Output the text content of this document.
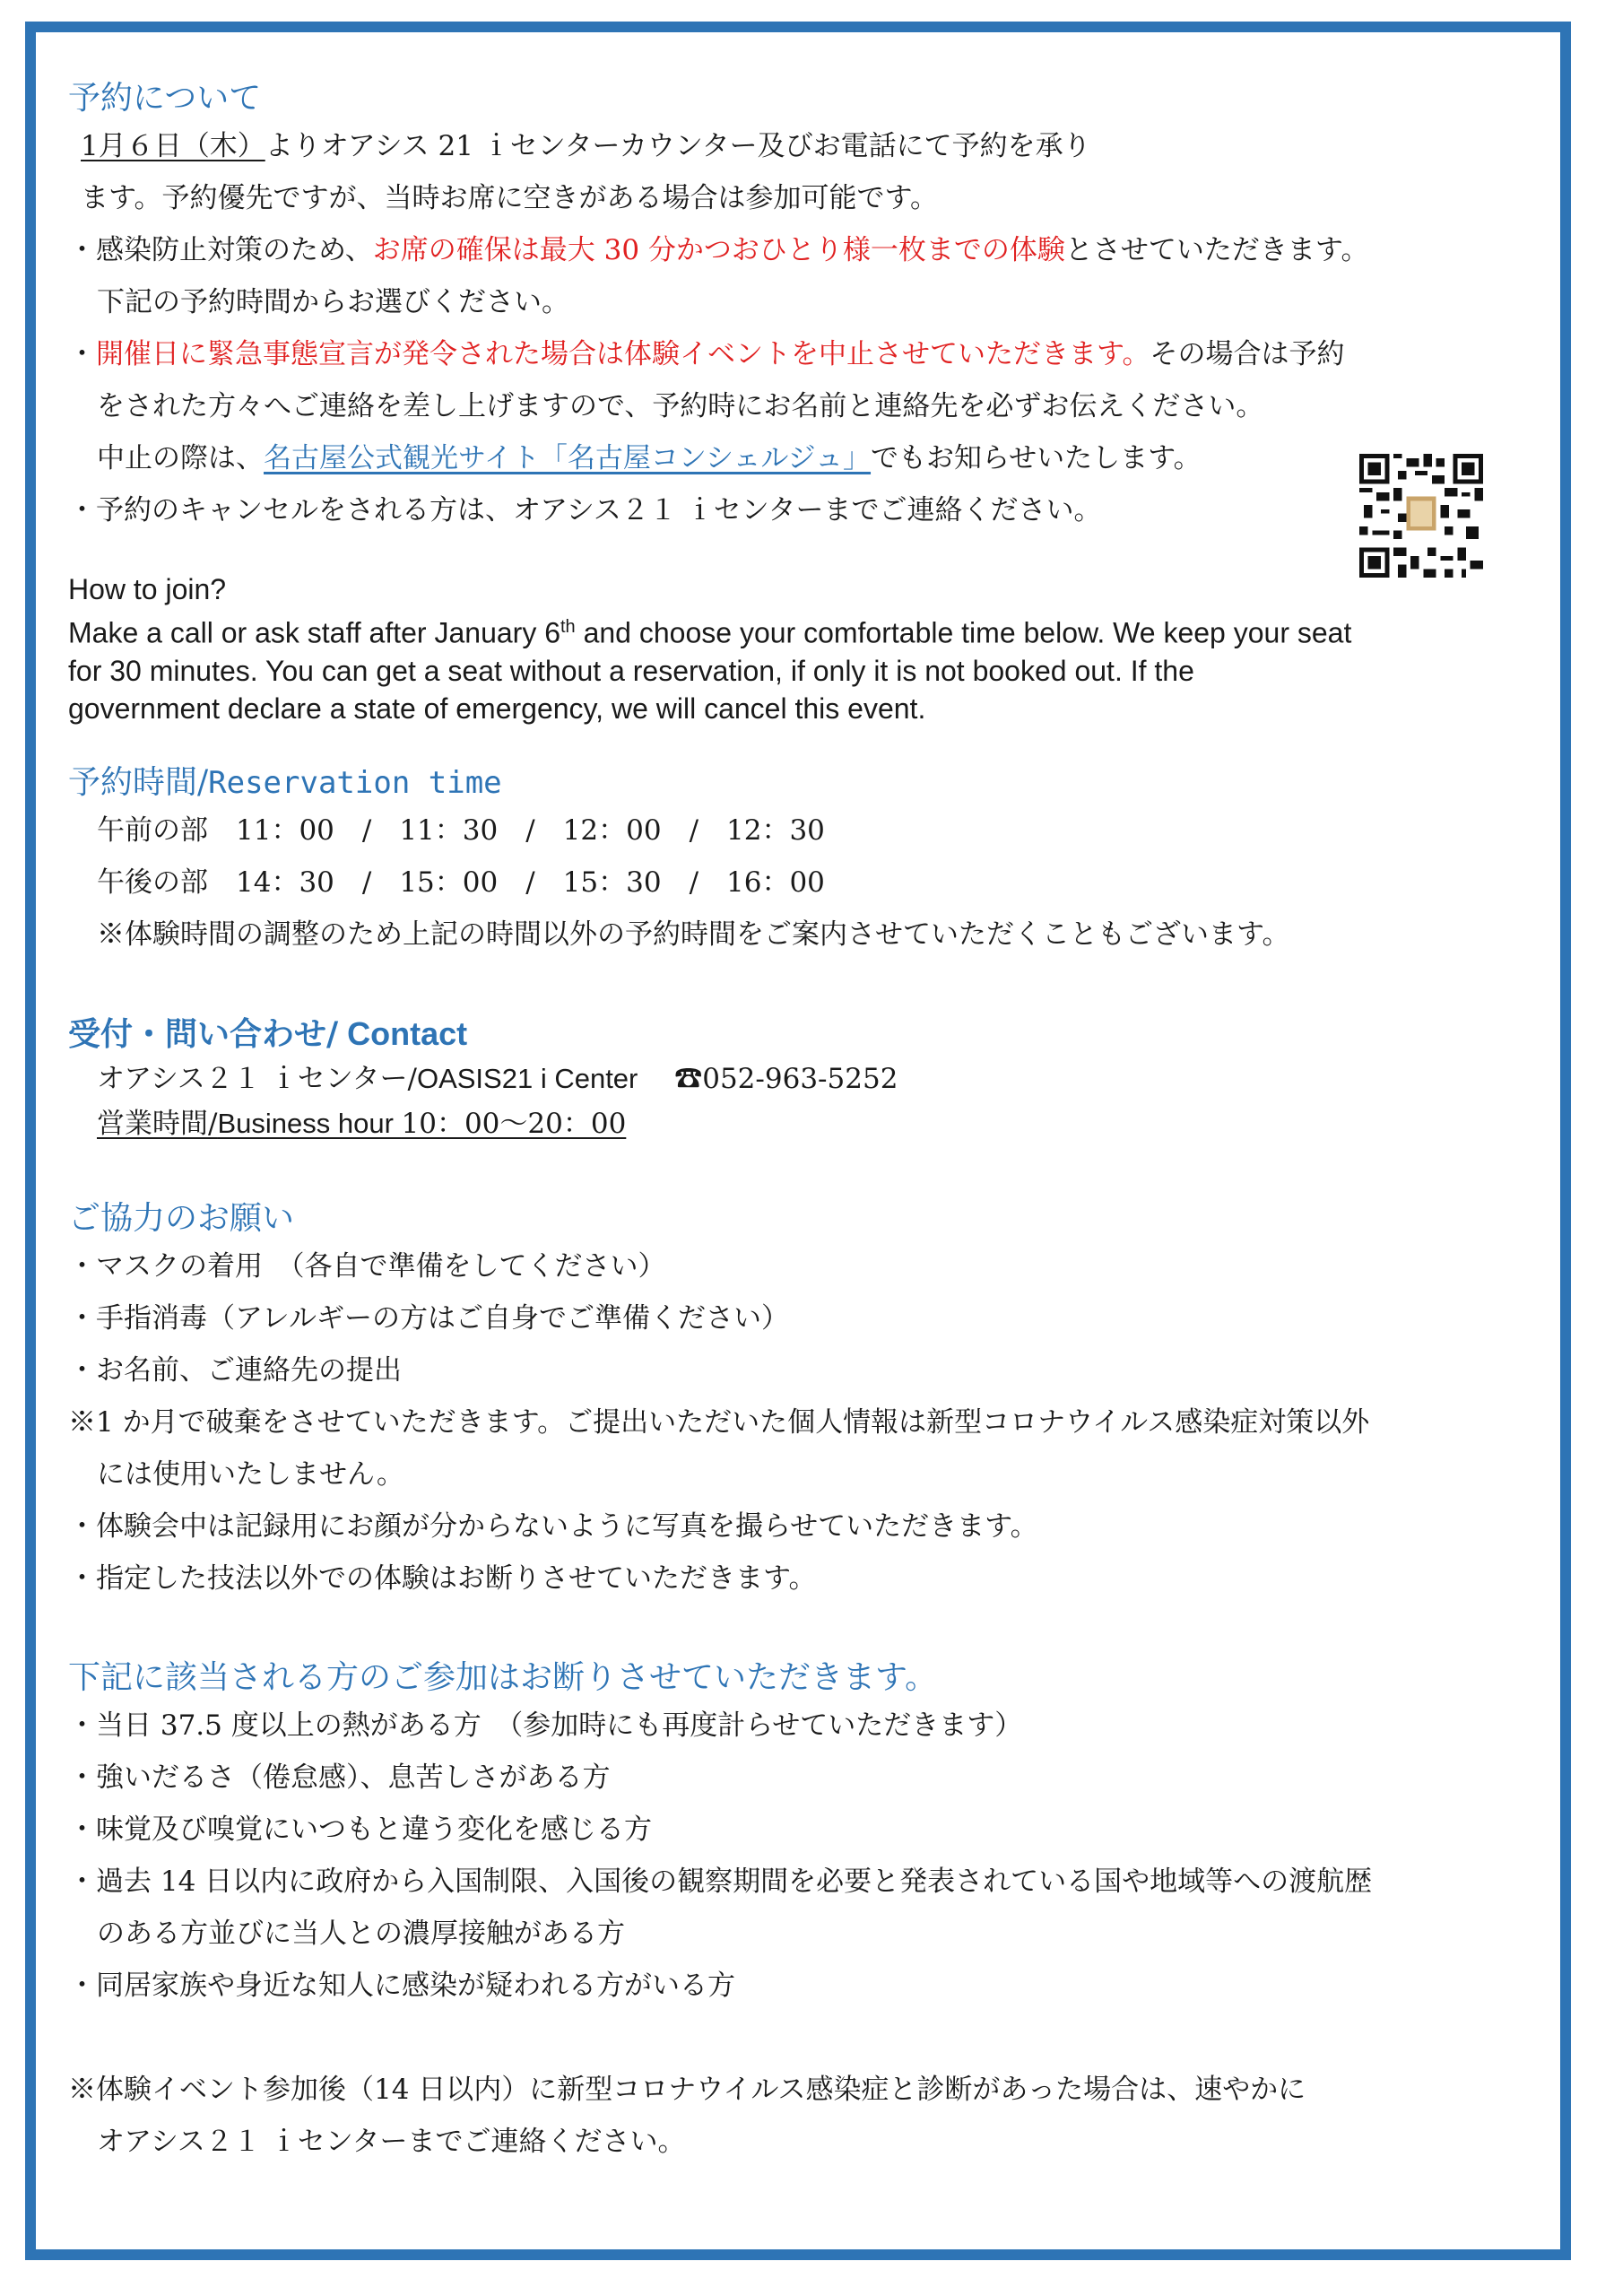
予約について

1月６日（木）よりオアシス 21 ｉセンターカウンター及びお電話にて予約を承り

ます。予約優先ですが、当時お席に空きがある場合は参加可能です。

・感染防止対策のため、お席の確保は最大 30 分かつおひとり様一枚までの体験とさせていただきます。

下記の予約時間からお選びください。

・開催日に緊急事態宣言が発令された場合は体験イベントを中止させていただきます。その場合は予約

をされた方々へご連絡を差し上げますので、予約時にお名前と連絡先を必ずお伝えください。

中止の際は、名古屋公式観光サイト「名古屋コンシェルジュ」でもお知らせいたします。

・予約のキャンセルをされる方は、オアシス２１ ｉセンターまでご連絡ください。

How to join?

Make a call or ask staff after January 6th and choose your comfortable time below. We keep your seat

for 30 minutes. You can get a seat without a reservation, if only it is not booked out. If the

government declare a state of emergency, we will cancel this event.

予約時間/Reservation time

午前の部　11：00　/　11：30　/　12：00　/　12：30

午後の部　14：30　/　15：00　/　15：30　/　16：00

※体験時間の調整のため上記の時間以外の予約時間をご案内させていただくこともございます。

受付・問い合わせ/ Contact

オアシス２１ ｉセンター/OASIS21 i Center　 ☎052-963-5252

営業時間/Business hour 10：00～20：00

ご協力のお願い

・マスクの着用　（各自で準備をしてください）

・手指消毒（アレルギーの方はご自身でご準備ください）

・お名前、ご連絡先の提出

※1 か月で破棄をさせていただきます。ご提出いただいた個人情報は新型コロナウイルス感染症対策以外

には使用いたしません。

・体験会中は記録用にお顔が分からないように写真を撮らせていただきます。

・指定した技法以外での体験はお断りさせていただきます。

下記に該当される方のご参加はお断りさせていただきます。

・当日 37.5 度以上の熱がある方　（参加時にも再度計らせていただきます）

・強いだるさ（倦怠感）、息苦しさがある方

・味覚及び嗅覚にいつもと違う変化を感じる方

・過去 14 日以内に政府から入国制限、入国後の観察期間を必要と発表されている国や地域等への渡航歴

のある方並びに当人との濃厚接触がある方

・同居家族や身近な知人に感染が疑われる方がいる方

※体験イベント参加後（14 日以内）に新型コロナウイルス感染症と診断があった場合は、速やかに

オアシス２１ ｉセンターまでご連絡ください。
